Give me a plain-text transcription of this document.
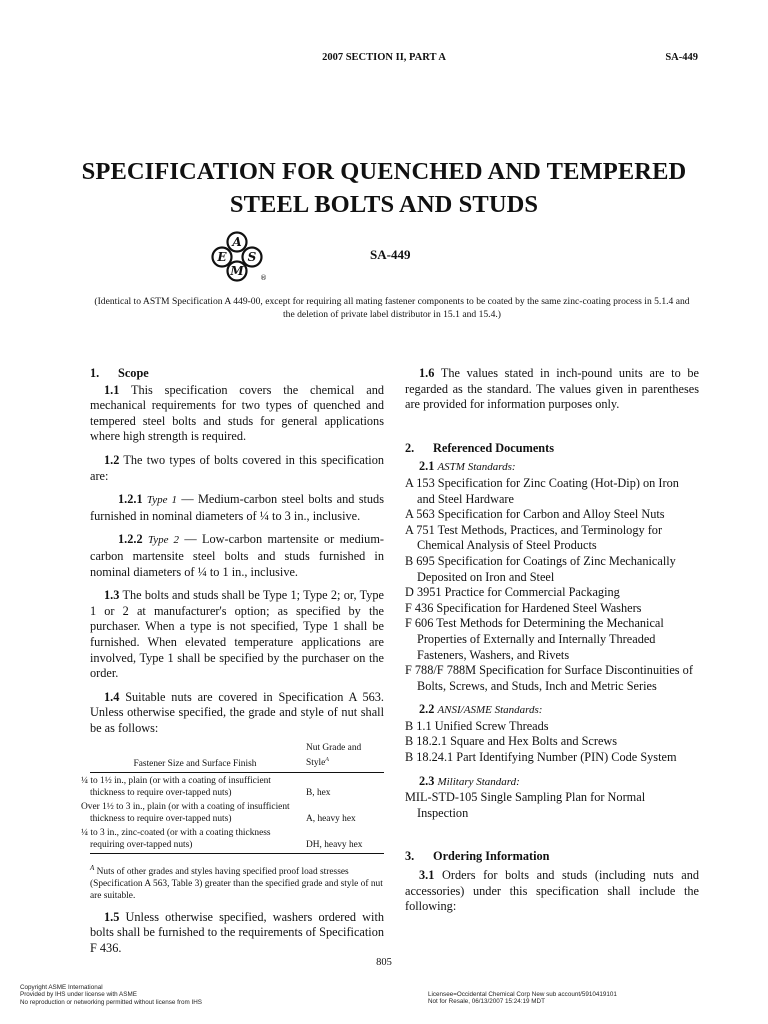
2007 SECTION II, PART A	SA-449
SPECIFICATION FOR QUENCHED AND TEMPERED
STEEL BOLTS AND STUDS
A
E S
M ®
SA-449
(Identical to ASTM Specification A 449-00, except for requiring all mating fastener components to be coated by the same zinc-coating process in 5.1.4 and the deletion of private label distributor in 15.1 and 15.4.)
1. Scope

1.1 This specification covers the chemical and mechanical requirements for two types of quenched and tempered steel bolts and studs for general applications where high strength is required.

1.2 The two types of bolts covered in this specification are:

1.2.1 Type 1 — Medium-carbon steel bolts and studs furnished in nominal diameters of ¼ to 3 in., inclusive.

1.2.2 Type 2 — Low-carbon martensite or medium-carbon martensite steel bolts and studs furnished in nominal diameters of ¼ to 1 in., inclusive.

1.3 The bolts and studs shall be Type 1; Type 2; or, Type 1 or 2 at manufacturer's option; as specified by the purchaser. When a type is not specified, Type 1 shall be furnished. When elevated temperature applications are involved, Type 1 shall be specified by the purchaser on the order.

1.4 Suitable nuts are covered in Specification A 563. Unless otherwise specified, the grade and style of nut shall be as follows:

Fastener Size and Surface Finish	Nut Grade and Style$^A$
¼ to 1½ in., plain (or with a coating of insufficient thickness to require over-tapped nuts)	B, hex
Over 1½ to 3 in., plain (or with a coating of insufficient thickness to require over-tapped nuts)	A, heavy hex
¼ to 3 in., zinc-coated (or with a coating thickness requiring over-tapped nuts)	DH, heavy hex
$^A$ Nuts of other grades and styles having specified proof load stresses (Specification A 563, Table 3) greater than the specified grade and style of nut are suitable.

1.5 Unless otherwise specified, washers ordered with bolts shall be furnished to the requirements of Specification F 436.

1.6 The values stated in inch-pound units are to be regarded as the standard. The values given in parentheses are provided for information purposes only.

2. Referenced Documents

2.1 ASTM Standards:

A 153 Specification for Zinc Coating (Hot-Dip) on Iron and Steel Hardware

A 563 Specification for Carbon and Alloy Steel Nuts

A 751 Test Methods, Practices, and Terminology for Chemical Analysis of Steel Products

B 695 Specification for Coatings of Zinc Mechanically Deposited on Iron and Steel

D 3951 Practice for Commercial Packaging

F 436 Specification for Hardened Steel Washers

F 606 Test Methods for Determining the Mechanical Properties of Externally and Internally Threaded Fasteners, Washers, and Rivets

F 788/F 788M Specification for Surface Discontinuities of Bolts, Screws, and Studs, Inch and Metric Series

2.2 ANSI/ASME Standards:

B 1.1 Unified Screw Threads

B 18.2.1 Square and Hex Bolts and Screws

B 18.24.1 Part Identifying Number (PIN) Code System

2.3 Military Standard:

MIL-STD-105 Single Sampling Plan for Normal Inspection

3. Ordering Information

3.1 Orders for bolts and studs (including nuts and accessories) under this specification shall include the following:

805
Copyright ASME International
Provided by IHS under license with ASME
No reproduction or networking permitted without license from IHS
Licensee=Occidental Chemical Corp New sub account/5910419101
Not for Resale, 06/13/2007 15:24:19 MDT
